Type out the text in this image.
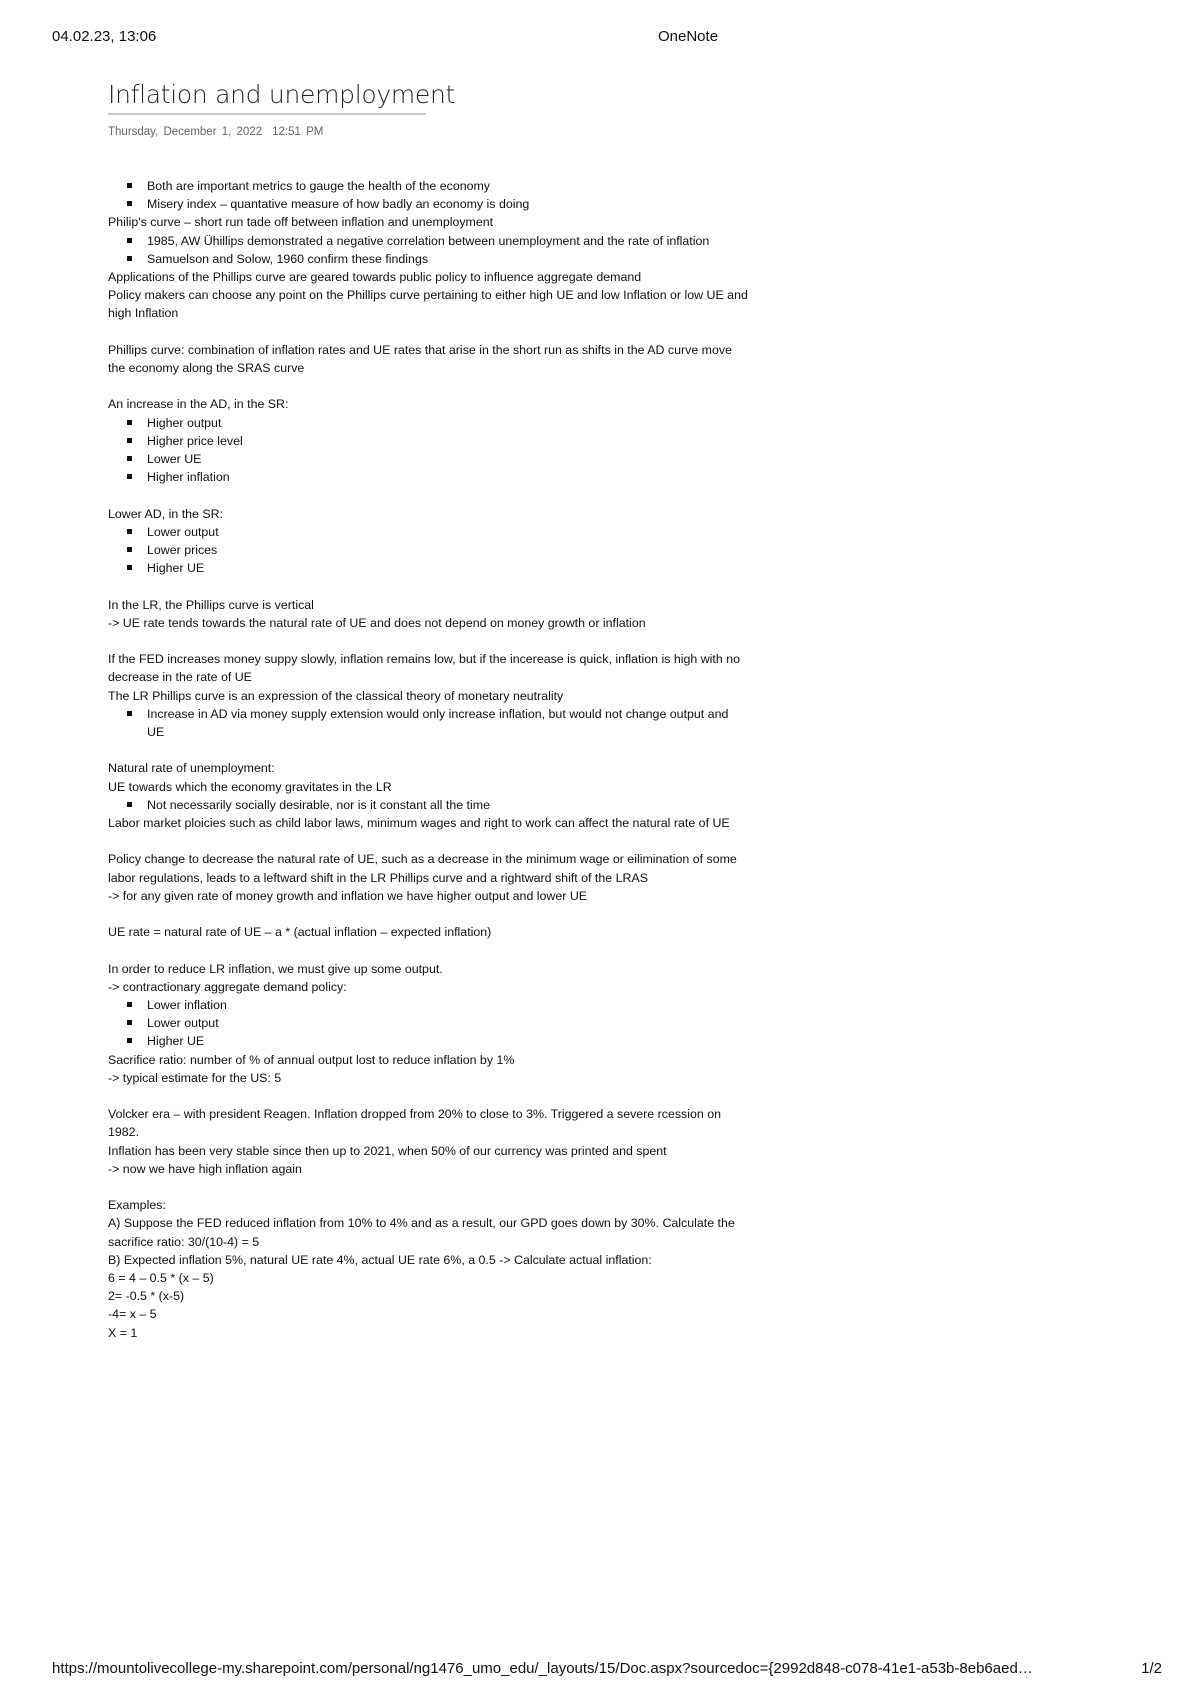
04.02.23, 13:06	OneNote
Inflation and unemployment
Thursday, December 1, 2022 12:51 PM
Both are important metrics to gauge the health of the economy
Misery index – quantative measure of how badly an economy is doing
Philip's curve – short run tade off between inflation and unemployment
1985, AW Ühillips demonstrated a negative correlation between unemployment and the rate of inflation
Samuelson and Solow, 1960 confirm these findings
Applications of the Phillips curve are geared towards public policy to influence aggregate demand
Policy makers can choose any point on the Phillips curve pertaining to either high UE and low Inflation or low UE and high Inflation
Phillips curve: combination of inflation rates and UE rates that arise in the short run as shifts in the AD curve move the economy along the SRAS curve
An increase in the AD, in the SR:
Higher output
Higher price level
Lower UE
Higher inflation
Lower AD, in the SR:
Lower output
Lower prices
Higher UE
In the LR, the Phillips curve is vertical
-> UE rate tends towards the natural rate of UE and does not depend on money growth or inflation
If the FED increases money suppy slowly, inflation remains low, but if the incerease is quick, inflation is high with no decrease in the rate of UE
The LR Phillips curve is an expression of the classical theory of monetary neutrality
Increase in AD via money supply extension would only increase inflation, but would not change output and UE
Natural rate of unemployment:
UE towards which the economy gravitates in the LR
Not necessarily socially desirable, nor is it constant all the time
Labor market ploicies such as child labor laws, minimum wages and right to work can affect the natural rate of UE
Policy change to decrease the natural rate of UE, such as a decrease in the minimum wage or eilimination of some labor regulations, leads to a leftward shift in the LR Phillips curve and a rightward shift of the LRAS
-> for any given rate of money growth and inflation we have higher output and lower UE
UE rate = natural rate of UE – a * (actual inflation – expected inflation)
In order to reduce LR inflation, we must give up some output.
-> contractionary aggregate demand policy:
Lower inflation
Lower output
Higher UE
Sacrifice ratio: number of % of annual output lost to reduce inflation by 1%
-> typical estimate for the US: 5
Volcker era – with president Reagen. Inflation dropped from 20% to close to 3%. Triggered a severe rcession on 1982.
Inflation has been very stable since then up to 2021, when 50% of our currency was printed and spent
-> now we have high inflation again
Examples:
A) Suppose the FED reduced inflation from 10% to 4% and as a result, our GPD goes down by 30%. Calculate the sacrifice ratio: 30/(10-4) = 5
B) Expected inflation 5%, natural UE rate 4%, actual UE rate 6%, a 0.5 -> Calculate actual inflation:
6 = 4 – 0.5 * (x – 5)
2= -0.5 * (x-5)
-4= x – 5
X = 1
https://mountolivecollege-my.sharepoint.com/personal/ng1476_umo_edu/_layouts/15/Doc.aspx?sourcedoc={2992d848-c078-41e1-a53b-8eb6aed…	1/2
